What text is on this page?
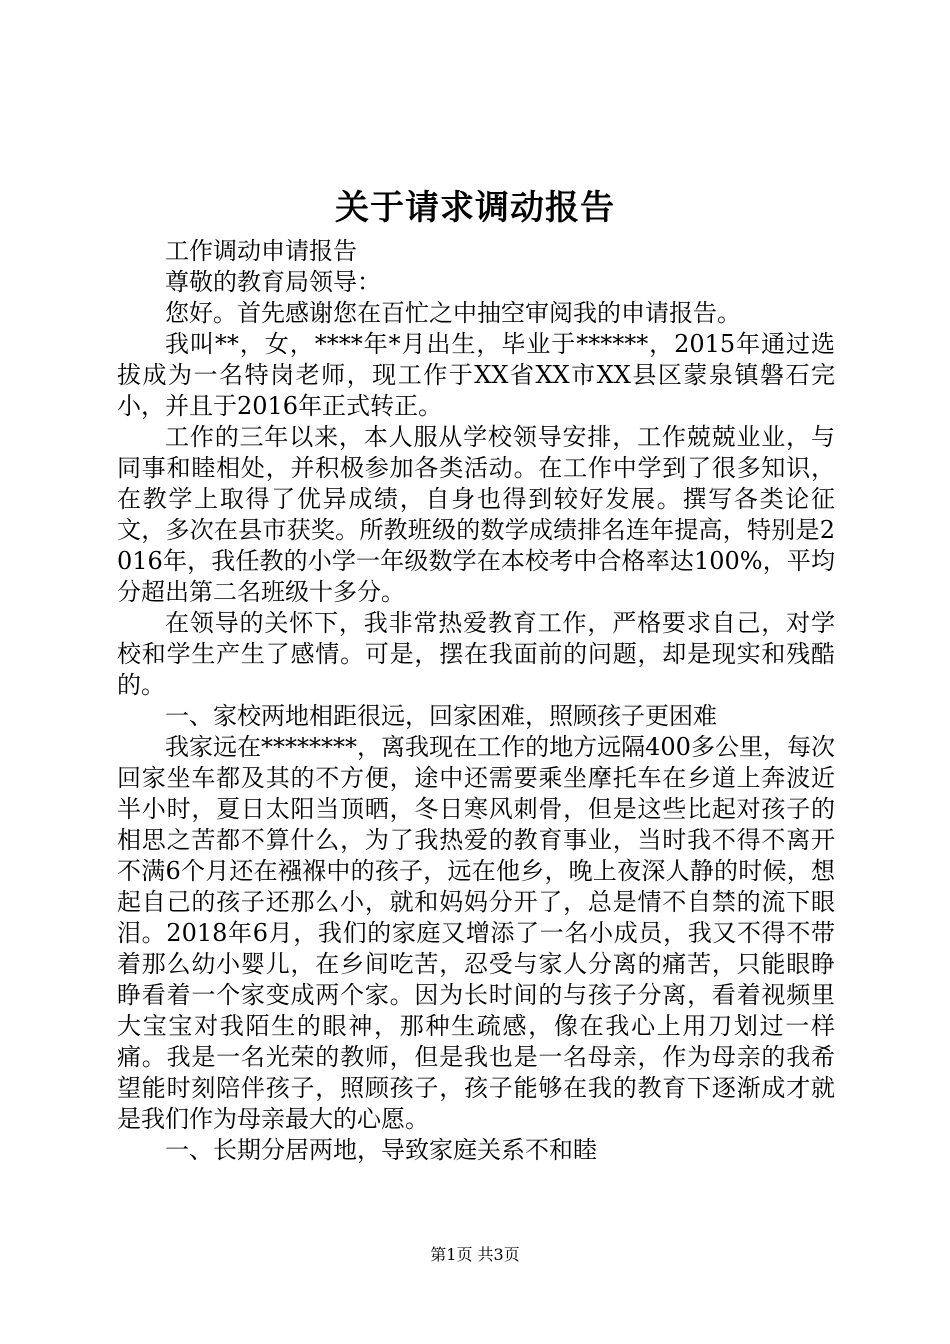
关于请求调动报告

工作调动申请报告

尊敬的教育局领导：

您好。首先感谢您在百忙之中抽空审阅我的申请报告。

我叫**，女，****年*月出生，毕业于******，2015年通过选拔成为一名特岗老师，现工作于XX省XX市XX县区蒙泉镇磐石完小，并且于2016年正式转正。

工作的三年以来，本人服从学校领导安排，工作兢兢业业，与同事和睦相处，并积极参加各类活动。在工作中学到了很多知识，在教学上取得了优异成绩，自身也得到较好发展。撰写各类论征文，多次在县市获奖。所教班级的数学成绩排名连年提高，特别是2016年，我任教的小学一年级数学在本校考中合格率达100%，平均分超出第二名班级十多分。

在领导的关怀下，我非常热爱教育工作，严格要求自己，对学校和学生产生了感情。可是，摆在我面前的问题，却是现实和残酷的。

一、家校两地相距很远，回家困难，照顾孩子更困难

我家远在********，离我现在工作的地方远隔400多公里，每次回家坐车都及其的不方便，途中还需要乘坐摩托车在乡道上奔波近半小时，夏日太阳当顶晒，冬日寒风刺骨，但是这些比起对孩子的相思之苦都不算什么，为了我热爱的教育事业，当时我不得不离开不满6个月还在襁褓中的孩子，远在他乡，晚上夜深人静的时候，想起自己的孩子还那么小，就和妈妈分开了，总是情不自禁的流下眼泪。2018年6月，我们的家庭又增添了一名小成员，我又不得不带着那么幼小婴儿，在乡间吃苦，忍受与家人分离的痛苦，只能眼睁睁看着一个家变成两个家。因为长时间的与孩子分离，看着视频里大宝宝对我陌生的眼神，那种生疏感，像在我心上用刀划过一样痛。我是一名光荣的教师，但是我也是一名母亲，作为母亲的我希望能时刻陪伴孩子，照顾孩子，孩子能够在我的教育下逐渐成才就是我们作为母亲最大的心愿。

一、长期分居两地，导致家庭关系不和睦

第1页 共3页
